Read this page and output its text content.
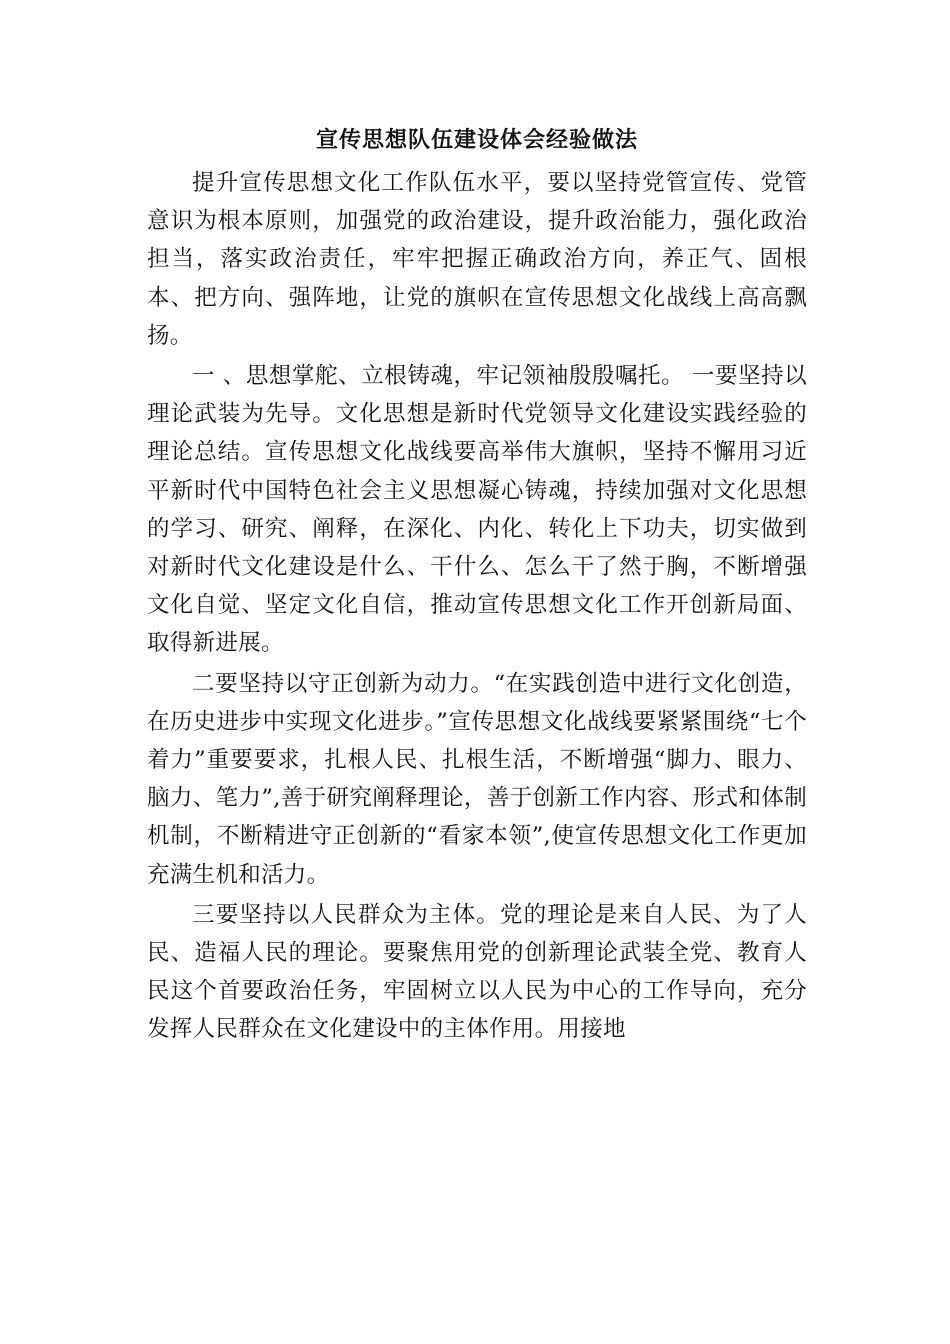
宣传思想队伍建设体会经验做法

提升宣传思想文化工作队伍水平，要以坚持党管宣传、党管意识为根本原则，加强党的政治建设，提升政治能力，强化政治担当，落实政治责任，牢牢把握正确政治方向，养正气、固根本、把方向、强阵地，让党的旗帜在宣传思想文化战线上高高飘扬。

一 、思想掌舵、立根铸魂，牢记领袖殷殷嘱托。 一要坚持以理论武装为先导。文化思想是新时代党领导文化建设实践经验的理论总结。宣传思想文化战线要高举伟大旗帜，坚持不懈用习近平新时代中国特色社会主义思想凝心铸魂，持续加强对文化思想的学习、研究、阐释，在深化、内化、转化上下功夫，切实做到对新时代文化建设是什么、干什么、怎么干了然于胸，不断增强文化自觉、坚定文化自信，推动宣传思想文化工作开创新局面、取得新进展。

二要坚持以守正创新为动力。“在实践创造中进行文化创造，在历史进步中实现文化进步。”宣传思想文化战线要紧紧围绕“七个着力”重要要求，扎根人民、扎根生活，不断增强“脚力、眼力、脑力、笔力”,善于研究阐释理论，善于创新工作内容、形式和体制机制，不断精进守正创新的“看家本领”,使宣传思想文化工作更加充满生机和活力。

三要坚持以人民群众为主体。党的理论是来自人民、为了人民、造福人民的理论。要聚焦用党的创新理论武装全党、教育人民这个首要政治任务，牢固树立以人民为中心的工作导向，充分发挥人民群众在文化建设中的主体作用。用接地
